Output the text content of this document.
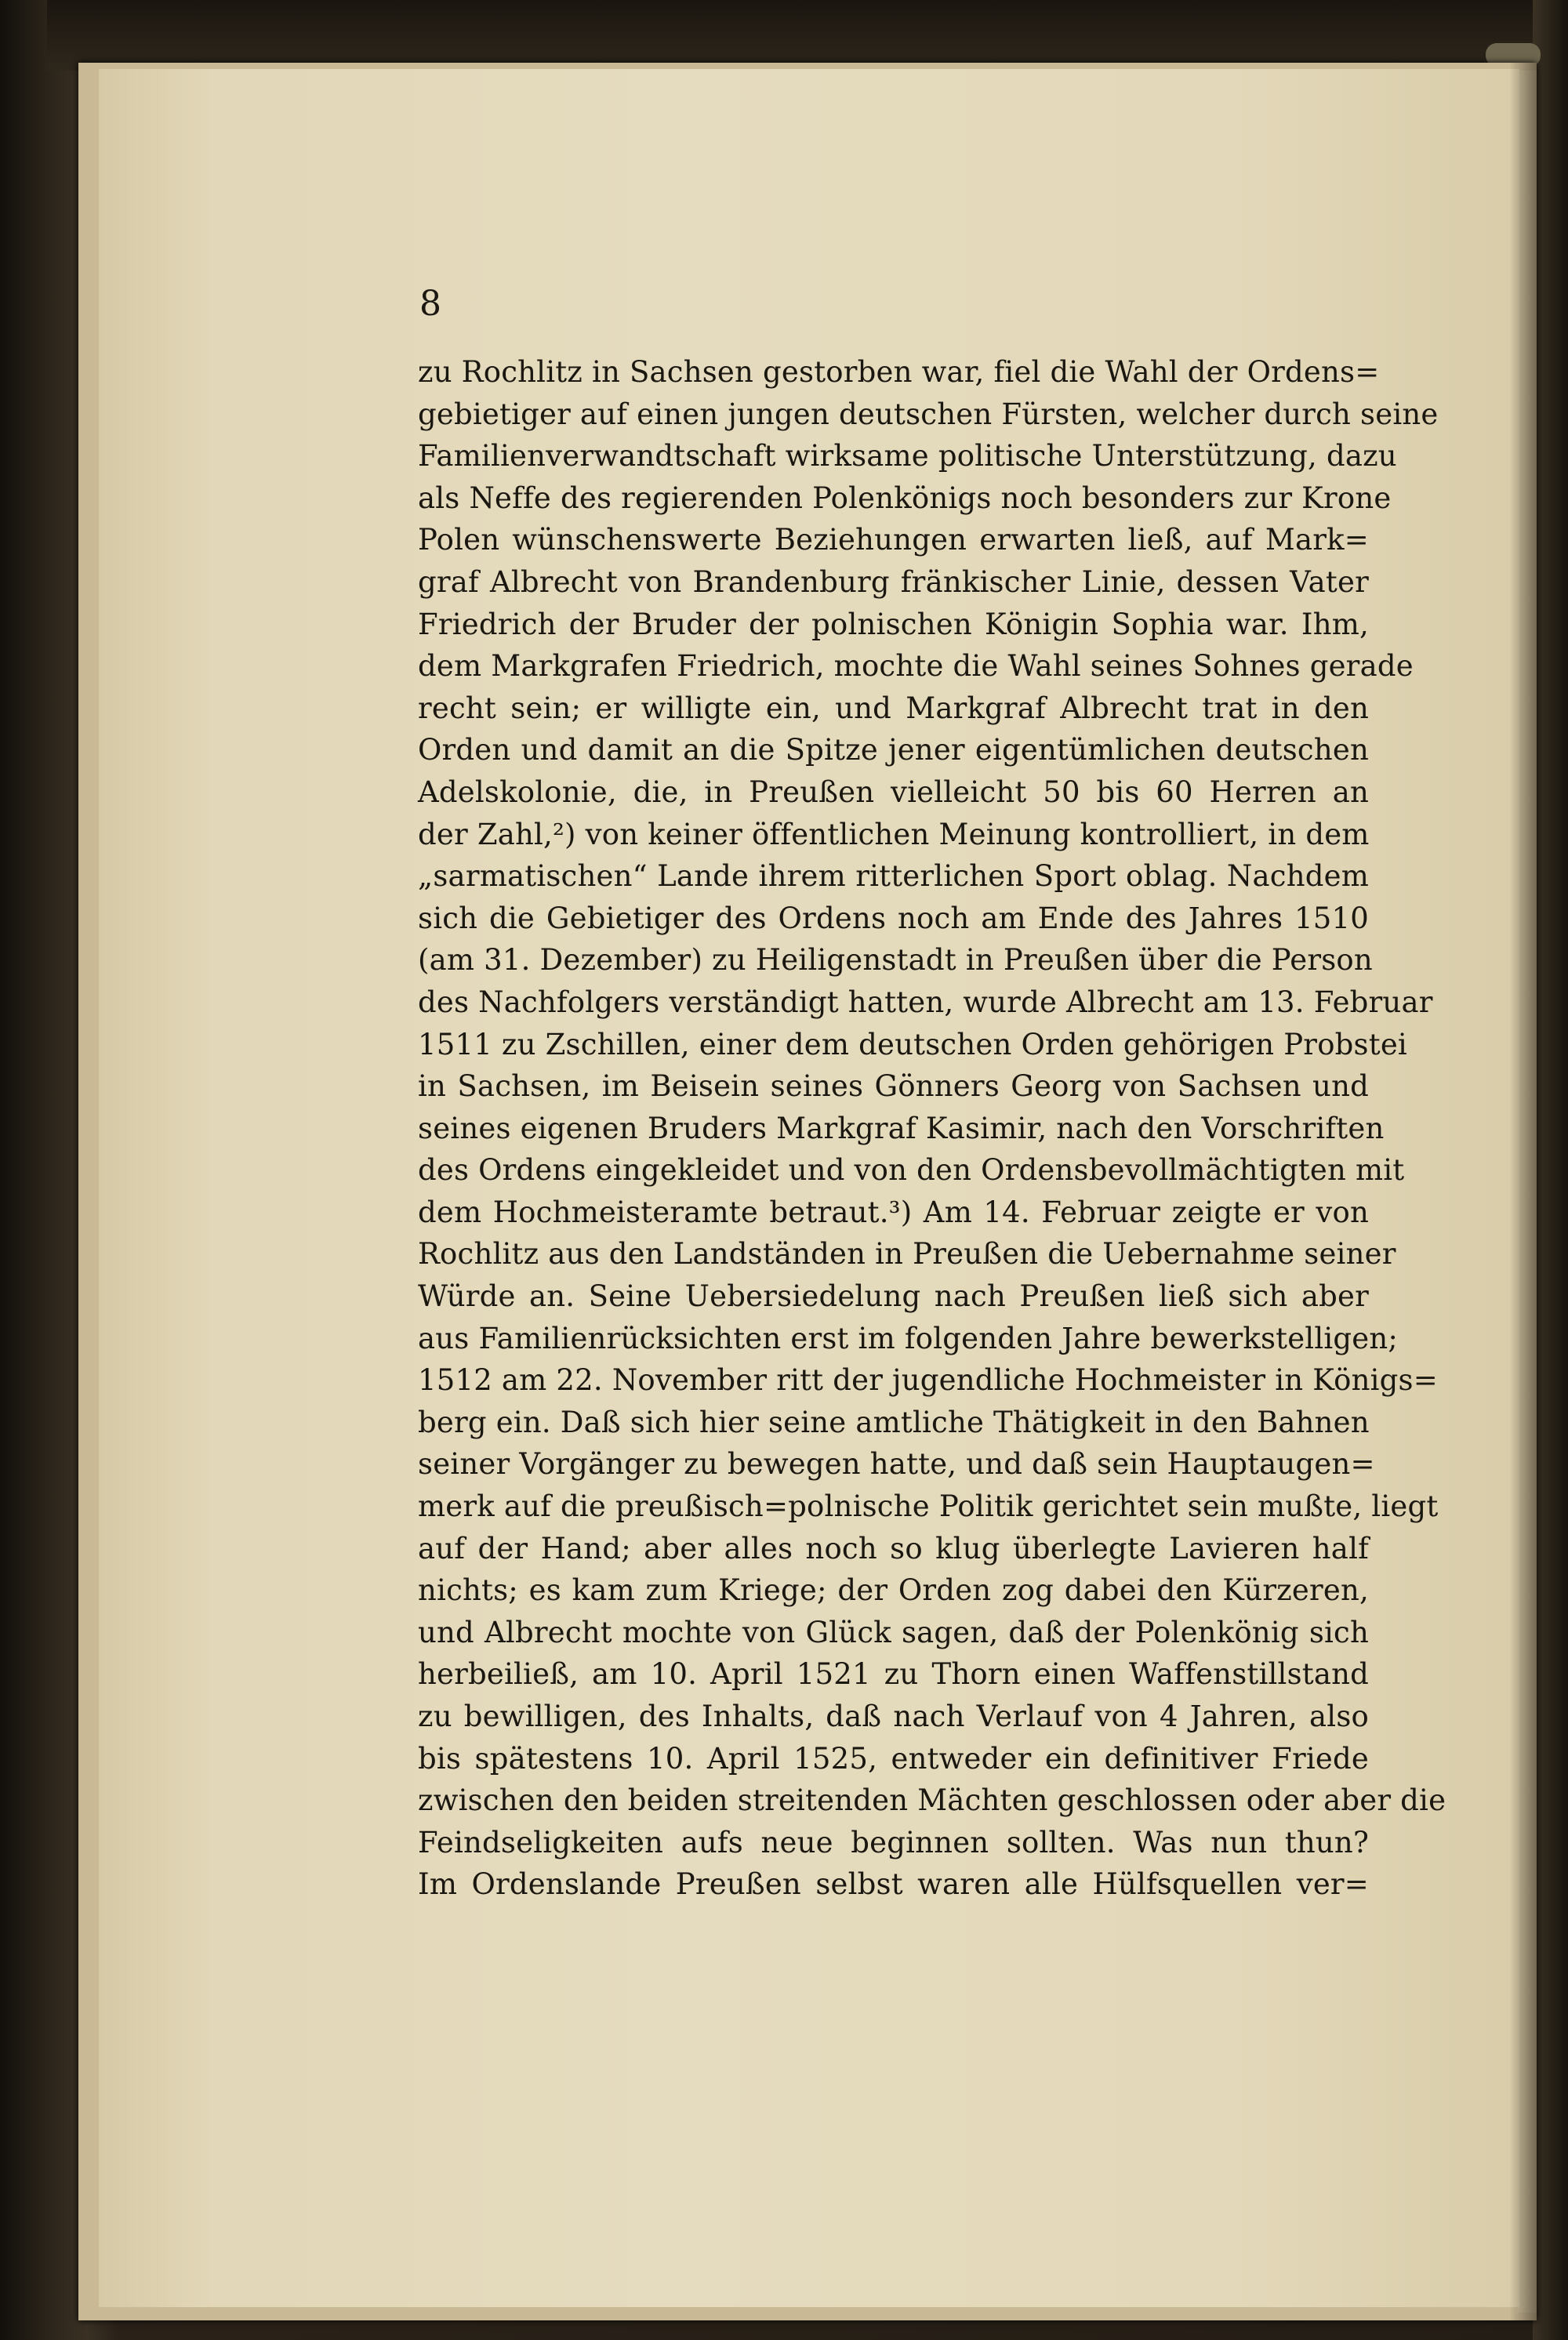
8
zu Rochlitz in Sachsen gestorben war, fiel die Wahl der Ordens=
gebietiger auf einen jungen deutschen Fürsten, welcher durch seine
Familienverwandtschaft wirksame politische Unterstützung, dazu
als Neffe des regierenden Polenkönigs noch besonders zur Krone
Polen wünschenswerte Beziehungen erwarten ließ, auf Mark=
graf Albrecht von Brandenburg fränkischer Linie, dessen Vater
Friedrich der Bruder der polnischen Königin Sophia war. Ihm,
dem Markgrafen Friedrich, mochte die Wahl seines Sohnes gerade
recht sein; er willigte ein, und Markgraf Albrecht trat in den
Orden und damit an die Spitze jener eigentümlichen deutschen
Adelskolonie, die, in Preußen vielleicht 50 bis 60 Herren an
der Zahl,²) von keiner öffentlichen Meinung kontrolliert, in dem
„sarmatischen“ Lande ihrem ritterlichen Sport oblag. Nachdem
sich die Gebietiger des Ordens noch am Ende des Jahres 1510
(am 31. Dezember) zu Heiligenstadt in Preußen über die Person
des Nachfolgers verständigt hatten, wurde Albrecht am 13. Februar
1511 zu Zschillen, einer dem deutschen Orden gehörigen Probstei
in Sachsen, im Beisein seines Gönners Georg von Sachsen und
seines eigenen Bruders Markgraf Kasimir, nach den Vorschriften
des Ordens eingekleidet und von den Ordensbevollmächtigten mit
dem Hochmeisteramte betraut.³) Am 14. Februar zeigte er von
Rochlitz aus den Landständen in Preußen die Uebernahme seiner
Würde an. Seine Uebersiedelung nach Preußen ließ sich aber
aus Familienrücksichten erst im folgenden Jahre bewerkstelligen;
1512 am 22. November ritt der jugendliche Hochmeister in Königs=
berg ein. Daß sich hier seine amtliche Thätigkeit in den Bahnen
seiner Vorgänger zu bewegen hatte, und daß sein Hauptaugen=
merk auf die preußisch=polnische Politik gerichtet sein mußte, liegt
auf der Hand; aber alles noch so klug überlegte Lavieren half
nichts; es kam zum Kriege; der Orden zog dabei den Kürzeren,
und Albrecht mochte von Glück sagen, daß der Polenkönig sich
herbeiließ, am 10. April 1521 zu Thorn einen Waffenstillstand
zu bewilligen, des Inhalts, daß nach Verlauf von 4 Jahren, also
bis spätestens 10. April 1525, entweder ein definitiver Friede
zwischen den beiden streitenden Mächten geschlossen oder aber die
Feindseligkeiten aufs neue beginnen sollten. Was nun thun?
Im Ordenslande Preußen selbst waren alle Hülfsquellen ver=
